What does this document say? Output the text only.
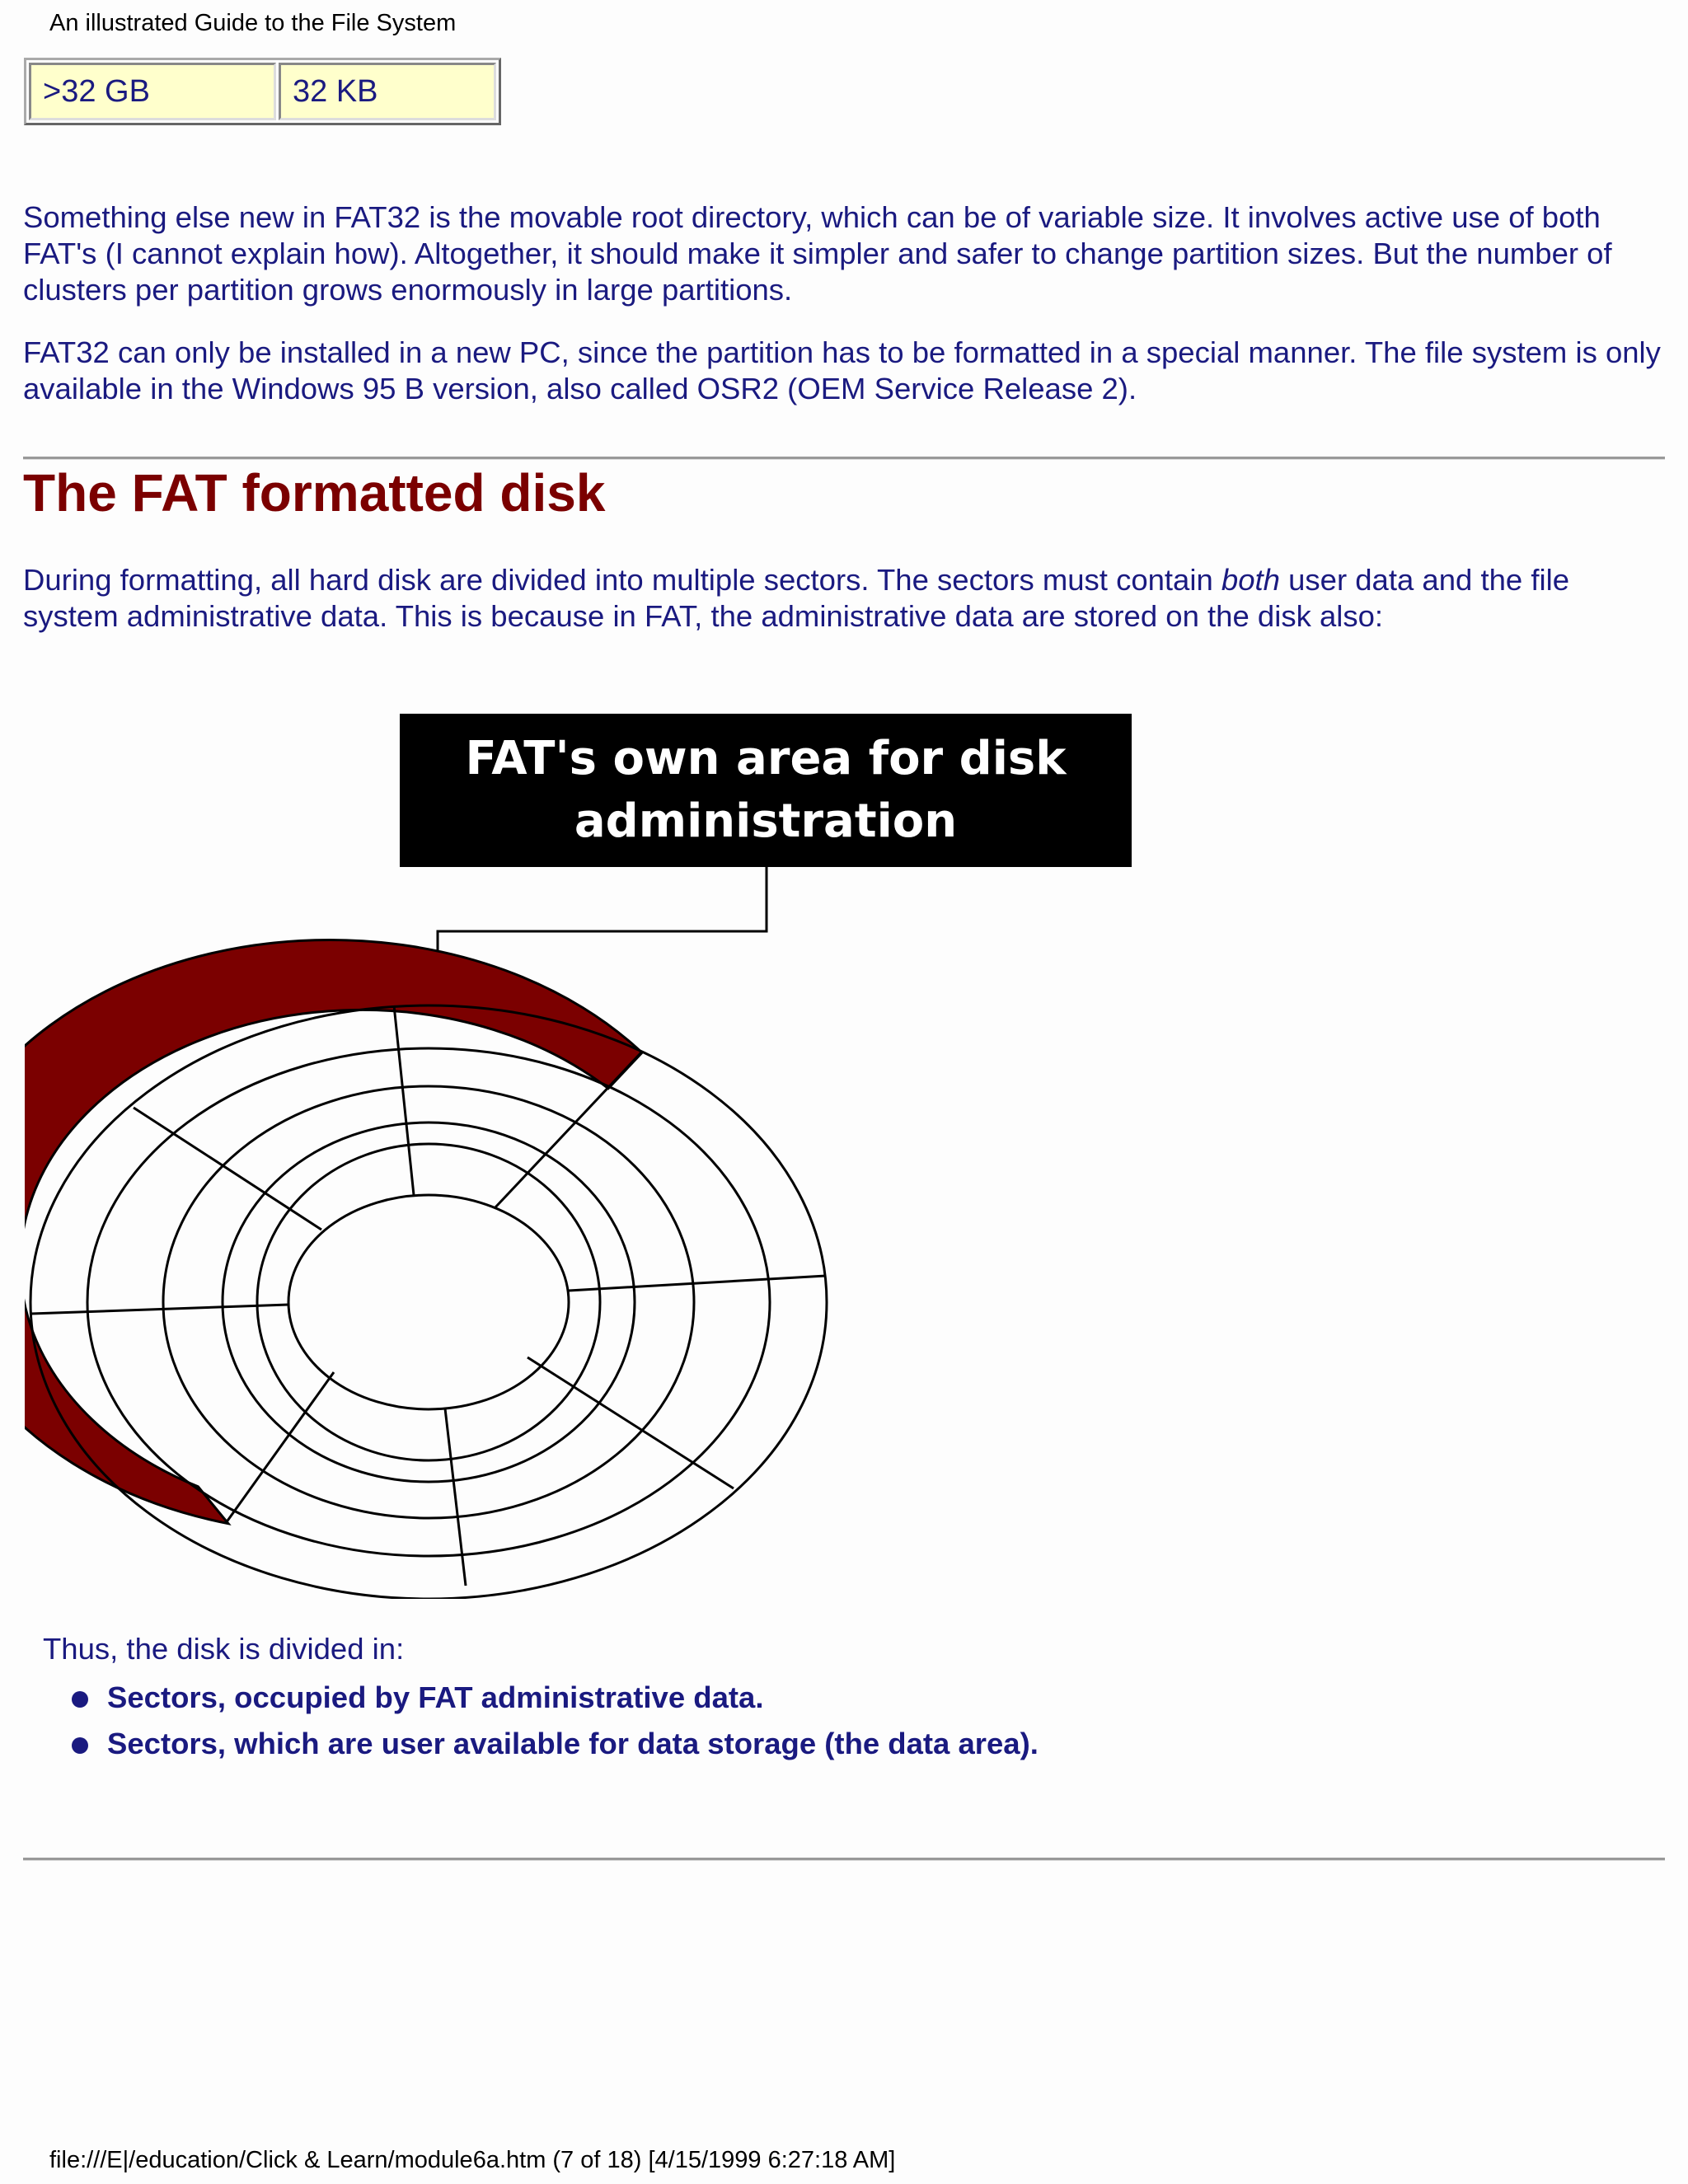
An illustrated Guide to the File System
>32 GB	32 KB

Something else new in FAT32 is the movable root directory, which can be of variable size. It involves active use of both FAT's (I cannot explain how). Altogether, it should make it simpler and safer to change partition sizes. But the number of clusters per partition grows enormously in large partitions.

FAT32 can only be installed in a new PC, since the partition has to be formatted in a special manner. The file system is only available in the Windows 95 B version, also called OSR2 (OEM Service Release 2).

The FAT formatted disk

During formatting, all hard disk are divided into multiple sectors. The sectors must contain both user data and the file system administrative data. This is because in FAT, the administrative data are stored on the disk also:

FAT's own area for disk administration

Thus, the disk is divided in:

Sectors, occupied by FAT administrative data.
Sectors, which are user available for data storage (the data area).
file:///E|/education/Click & Learn/module6a.htm (7 of 18) [4/15/1999 6:27:18 AM]
